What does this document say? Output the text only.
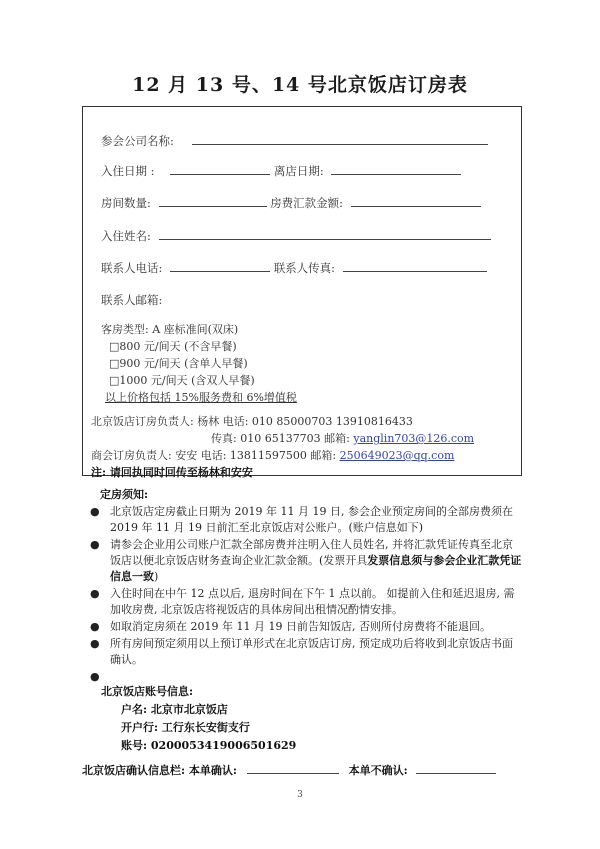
12 月 13 号、14 号北京饭店订房表
参会公司名称:
入住日期 :	离店日期:
房间数量:	房费汇款金额:
入住姓名:
联系人电话:	联系人传真:
联系人邮箱:
客房类型: A 座标准间(双床)
□800 元/间天 (不含早餐)
□900 元/间天 (含单人早餐)
□1000 元/间天 (含双人早餐)
以上价格包括 15%服务费和 6%增值税
北京饭店订房负责人: 杨林 电话: 010 85000703 13910816433
传真: 010 65137703 邮箱: yanglin703@126.com
商会订房负责人: 安安 电话: 13811597500 邮箱: 250649023@qq.com
注: 请回执同时回传至杨林和安安
定房须知:
● 北京饭店定房截止日期为 2019 年 11 月 19 日, 参会企业预定房间的全部房费须在 2019 年 11 月 19 日前汇至北京饭店对公账户。(账户信息如下)
● 请参会企业用公司账户汇款全部房费并注明入住人员姓名, 并将汇款凭证传真至北京饭店以便北京饭店财务查询企业汇款金额。(发票开具发票信息须与参会企业汇款凭证信息一致)
● 入住时间在中午 12 点以后, 退房时间在下午 1 点以前。 如提前入住和延迟退房, 需加收房费, 北京饭店将视饭店的具体房间出租情况酌情安排。
● 如取消定房须在 2019 年 11 月 19 日前告知饭店, 否则所付房费将不能退回。
● 所有房间预定须用以上预订单形式在北京饭店订房, 预定成功后将收到北京饭店书面确认。
●
北京饭店账号信息:
户名: 北京市北京饭店
开户行: 工行东长安街支行
账号: 0200053419006501629
北京饭店确认信息栏: 本单确认:	本单不确认:
3
